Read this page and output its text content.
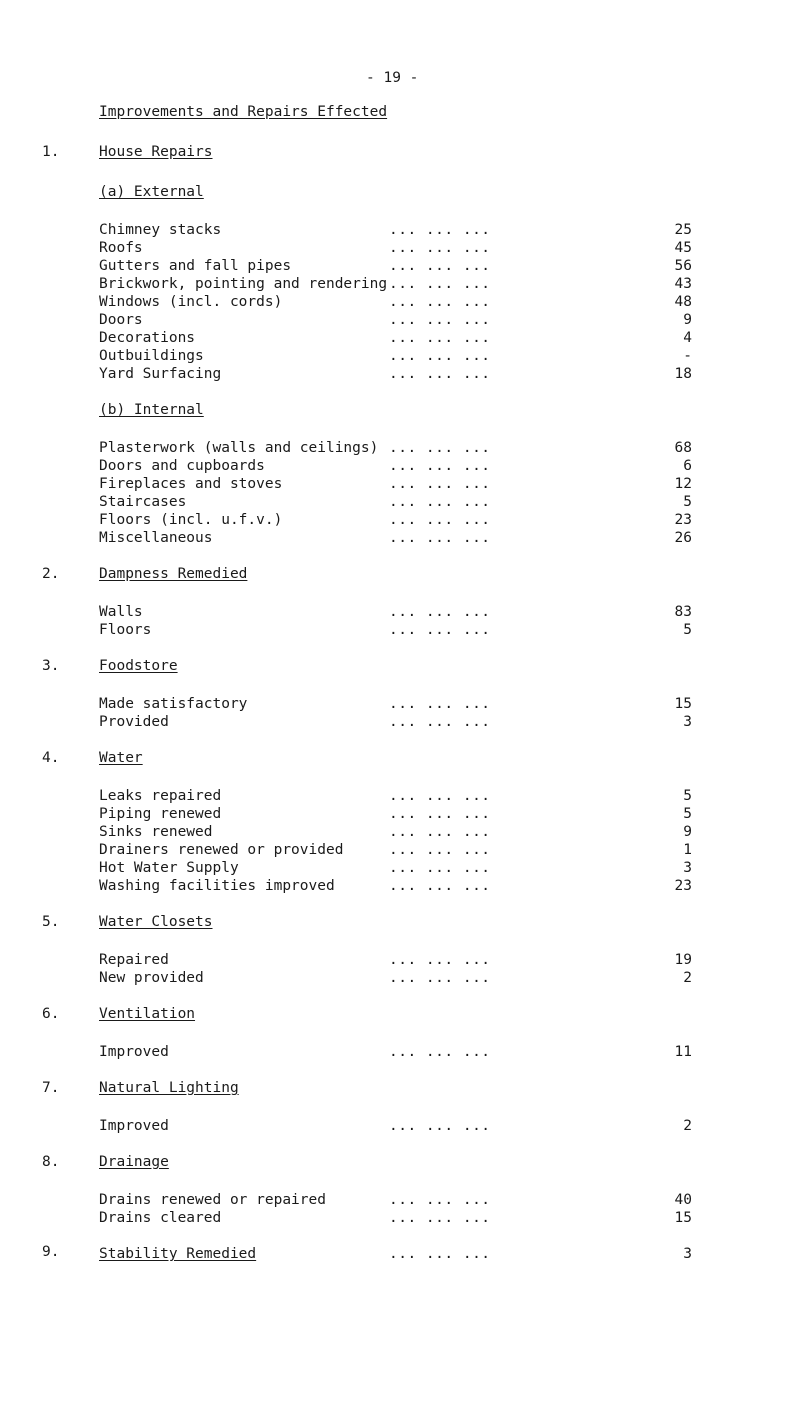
- 19 -
Improvements and Repairs Effected
1.	House Repairs
(a) External
Chimney stacks	... ... ...	25
Roofs	... ... ...	45
Gutters and fall pipes	... ... ...	56
Brickwork, pointing and rendering ... ... ...	43
Windows (incl. cords)	... ... ...	48
Doors	... ... ...	9
Decorations	... ... ...	4
Outbuildings	... ... ...	-
Yard Surfacing	... ... ...	18
(b) Internal
Plasterwork (walls and ceilings) ... ... ...	68
Doors and cupboards	... ... ...	6
Fireplaces and stoves	... ... ...	12
Staircases	... ... ...	5
Floors (incl. u.f.v.)	... ... ...	23
Miscellaneous	... ... ...	26
2.	Dampness Remedied
Walls	... ... ...	83
Floors	... ... ...	5
3.	Foodstore
Made satisfactory	... ... ...	15
Provided	... ... ...	3
4.	Water
Leaks repaired	... ... ...	5
Piping renewed	... ... ...	5
Sinks renewed	... ... ...	9
Drainers renewed or provided	... ... ...	1
Hot Water Supply	... ... ...	3
Washing facilities improved	... ... ...	23
5.	Water Closets
Repaired	... ... ...	19
New provided	... ... ...	2
6.	Ventilation
Improved	... ... ...	11
7.	Natural Lighting
Improved	... ... ...	2
8.	Drainage
Drains renewed or repaired	... ... ...	40
Drains cleared	... ... ...	15
9.	Stability Remedied	... ... ...	3
